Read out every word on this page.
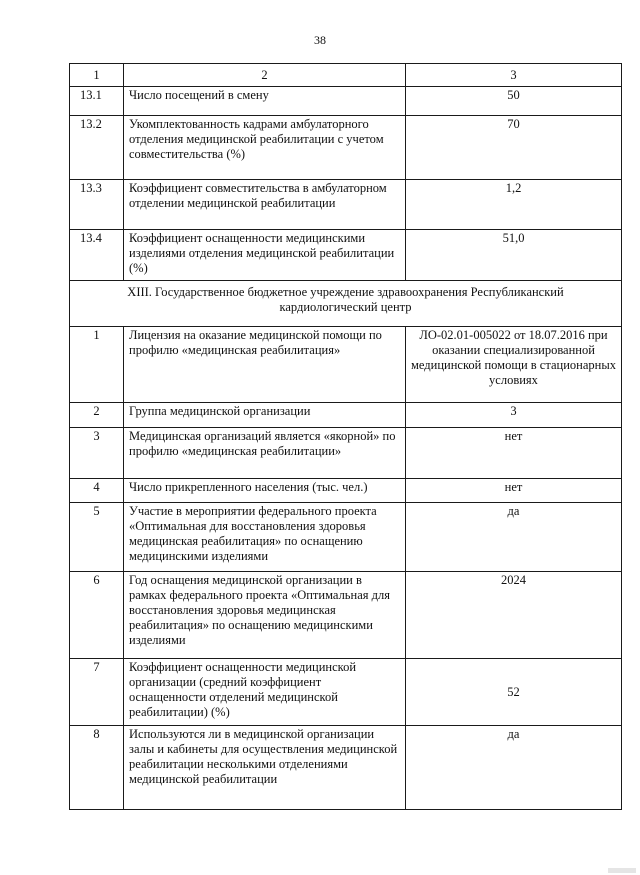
38
1	2	3
13.1	Число посещений в смену	50
13.2	Укомплектованность кадрами амбулаторного отделения медицинской реабилитации с учетом совместительства (%)	70
13.3	Коэффициент совместительства в амбулаторном отделении медицинской реабилитации	1,2
13.4	Коэффициент оснащенности медицинскими изделиями отделения медицинской реабилитации (%)	51,0
XIII. Государственное бюджетное учреждение здравоохранения Республиканский кардиологический центр		
1	Лицензия на оказание медицинской помощи по профилю «медицинская реабилитация»	ЛО-02.01-005022 от 18.07.2016 при оказании специализированной медицинской помощи в стационарных условиях
2	Группа медицинской организации	3
3	Медицинская организаций является «якорной» по профилю «медицинская реабилитации»	нет
4	Число прикрепленного населения (тыс. чел.)	нет
5	Участие в мероприятии федерального проекта «Оптимальная для восстановления здоровья медицинская реабилитация» по оснащению медицинскими изделиями	да
6	Год оснащения медицинской организации в рамках федерального проекта «Оптимальная для восстановления здоровья медицинская реабилитация» по оснащению медицинскими изделиями	2024
7	Коэффициент оснащенности медицинской организации (средний коэффициент оснащенности отделений медицинской реабилитации) (%)	52
8	Используются ли в медицинской организации залы и кабинеты для осуществления медицинской реабилитации несколькими отделениями медицинской реабилитации	да
